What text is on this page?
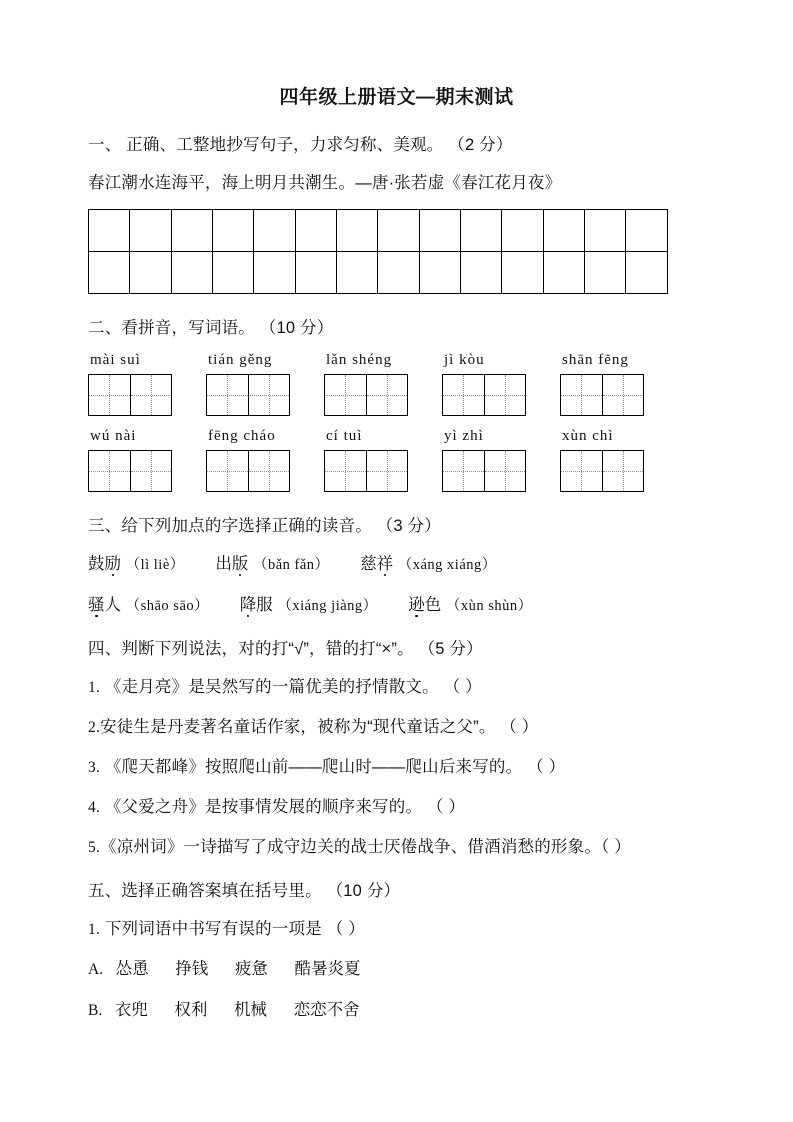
四年级上册语文—期末测试
一、 正确、工整地抄写句子，力求匀称、美观。 （2 分）
春江潮水连海平，海上明月共潮生。—唐·张若虚《春江花月夜》

二、看拼音，写词语。 （10 分）
mài suì	tián gěng	lǎn shéng	jì kòu	shān fēng
wú nài	fēng cháo	cí tuì	yì zhì	xùn chì
三、给下列加点的字选择正确的读音。 （3 分）
鼓励 （lì liè） 出版 （bǎn fǎn） 慈祥 （xáng xiáng）
骚人 （shāo sāo） 降服 （xiáng jiàng） 逊色 （xùn shùn）
四、判断下列说法，对的打“√”，错的打“×”。 （5 分）
1. 《走月亮》是吴然写的一篇优美的抒情散文。 （ ）
2.安徒生是丹麦著名童话作家，被称为“现代童话之父”。 （ ）
3. 《爬天都峰》按照爬山前——爬山时——爬山后来写的。 （ ）
4. 《父爱之舟》是按事情发展的顺序来写的。 （ ）
5.《凉州词》一诗描写了成守边关的战士厌倦战争、借酒消愁的形象。（ ）
五、选择正确答案填在括号里。 （10 分）
1. 下列词语中书写有误的一项是 （ ）
A. 怂恿 挣钱 疲惫 酷暑炎夏
B. 衣兜 权利 机械 恋恋不舍
